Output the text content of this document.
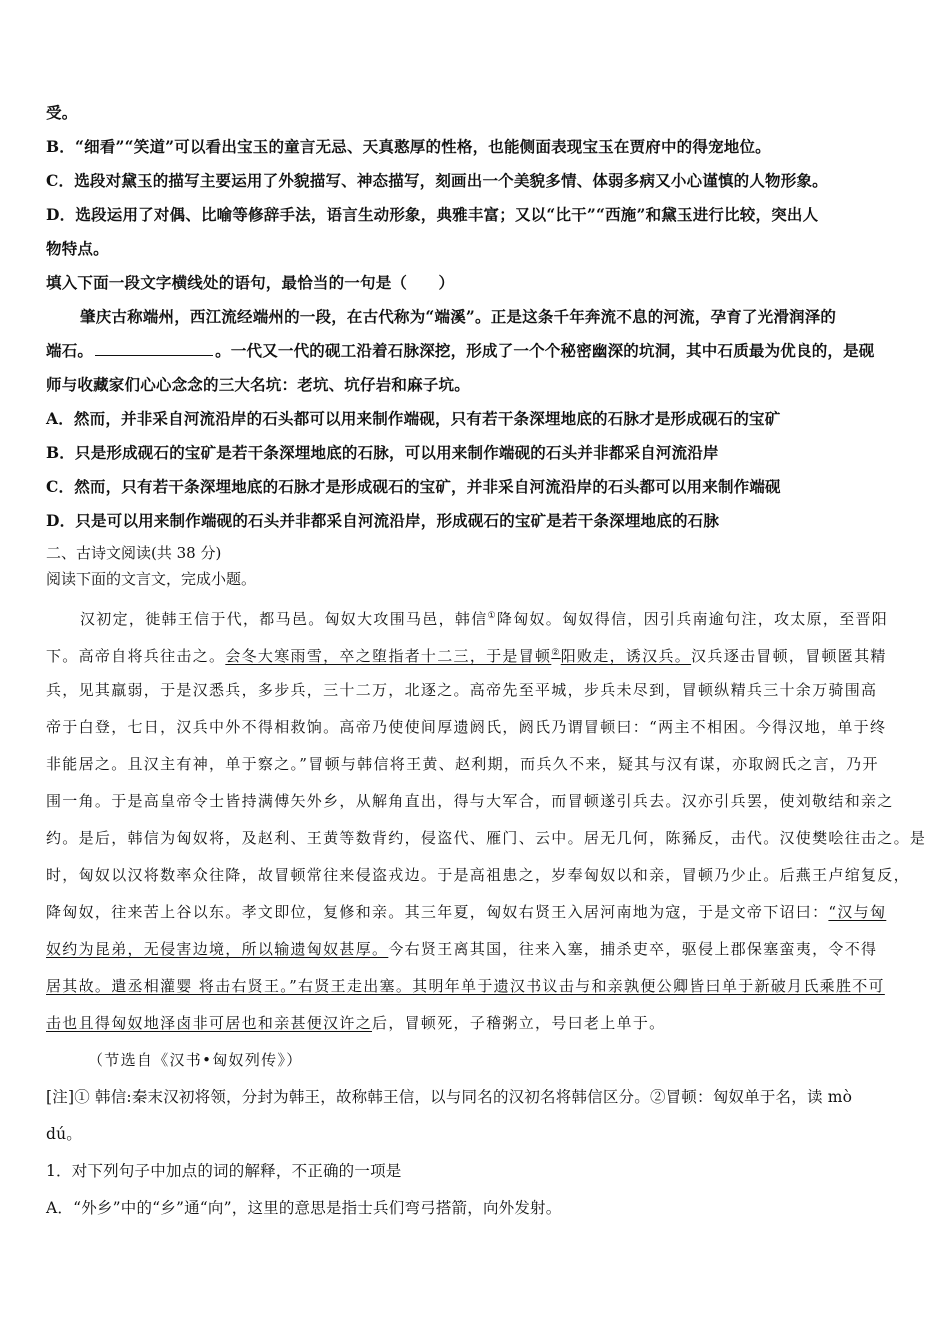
受。
B．“细看”“笑道”可以看出宝玉的童言无忌、天真憨厚的性格，也能侧面表现宝玉在贾府中的得宠地位。
C．选段对黛玉的描写主要运用了外貌描写、神态描写，刻画出一个美貌多情、体弱多病又小心谨慎的人物形象。
D．选段运用了对偶、比喻等修辞手法，语言生动形象，典雅丰富；又以“比干”“西施”和黛玉进行比较，突出人
物特点。
填入下面一段文字横线处的语句，最恰当的一句是（　　）
肇庆古称端州，西江流经端州的一段，在古代称为“端溪”。正是这条千年奔流不息的河流，孕育了光滑润泽的
端石。	。一代又一代的砚工沿着石脉深挖，形成了一个个秘密幽深的坑洞，其中石质最为优良的，是砚
师与收藏家们心心念念的三大名坑：老坑、坑仔岩和麻子坑。
A．然而，并非采自河流沿岸的石头都可以用来制作端砚，只有若干条深埋地底的石脉才是形成砚石的宝矿
B．只是形成砚石的宝矿是若干条深埋地底的石脉，可以用来制作端砚的石头并非都采自河流沿岸
C．然而，只有若干条深埋地底的石脉才是形成砚石的宝矿，并非采自河流沿岸的石头都可以用来制作端砚
D．只是可以用来制作端砚的石头并非都采自河流沿岸，形成砚石的宝矿是若干条深埋地底的石脉
二、古诗文阅读(共 38 分)
阅读下面的文言文，完成小题。
汉初定，徙韩王信于代，都马邑。匈奴大攻围马邑，韩信①降匈奴。匈奴得信，因引兵南逾句注，攻太原，至晋阳
下。高帝自将兵往击之。会冬大寒雨雪，卒之堕指者十二三，于是冒顿②阳败走，诱汉兵。汉兵逐击冒顿，冒顿匿其精
兵，见其羸弱，于是汉悉兵，多步兵，三十二万，北逐之。高帝先至平城，步兵未尽到，冒顿纵精兵三十余万骑围高
帝于白登，七日，汉兵中外不得相救饷。高帝乃使使间厚遗阏氏，阏氏乃谓冒顿曰：“两主不相困。今得汉地，单于终
非能居之。且汉主有神，单于察之。”冒顿与韩信将王黄、赵利期，而兵久不来，疑其与汉有谋，亦取阏氏之言，乃开
围一角。于是高皇帝令士皆持满傅矢外乡，从解角直出，得与大军合，而冒顿遂引兵去。汉亦引兵罢，使刘敬结和亲之
约。是后，韩信为匈奴将，及赵利、王黄等数背约，侵盗代、雁门、云中。居无几何，陈豨反，击代。汉使樊哙往击之。是
时，匈奴以汉将数率众往降，故冒顿常往来侵盗戎边。于是高祖患之，岁奉匈奴以和亲，冒顿乃少止。后燕王卢绾复反，
降匈奴，往来苦上谷以东。孝文即位，复修和亲。其三年夏，匈奴右贤王入居河南地为寇，于是文帝下诏曰：“汉与匈
奴约为昆弟，无侵害边境，所以输遗匈奴甚厚。今右贤王离其国，往来入塞，捕杀吏卒，驱侵上郡保塞蛮夷，令不得
居其故。遣丞相灌婴 将击右贤王。”右贤王走出塞。其明年单于遗汉书议击与和亲孰便公卿皆曰单于新破月氏乘胜不可
击也且得匈奴地泽卤非可居也和亲甚便汉许之后，冒顿死，子稽粥立，号曰老上单于。
（节选自《汉书•匈奴列传》）
[注]① 韩信:秦末汉初将领，分封为韩王，故称韩王信，以与同名的汉初名将韩信区分。②冒顿：匈奴单于名，读 mò
dú。
1．对下列句子中加点的词的解释，不正确的一项是
A．“外乡”中的“乡”通“向”，这里的意思是指士兵们弯弓搭箭，向外发射。
